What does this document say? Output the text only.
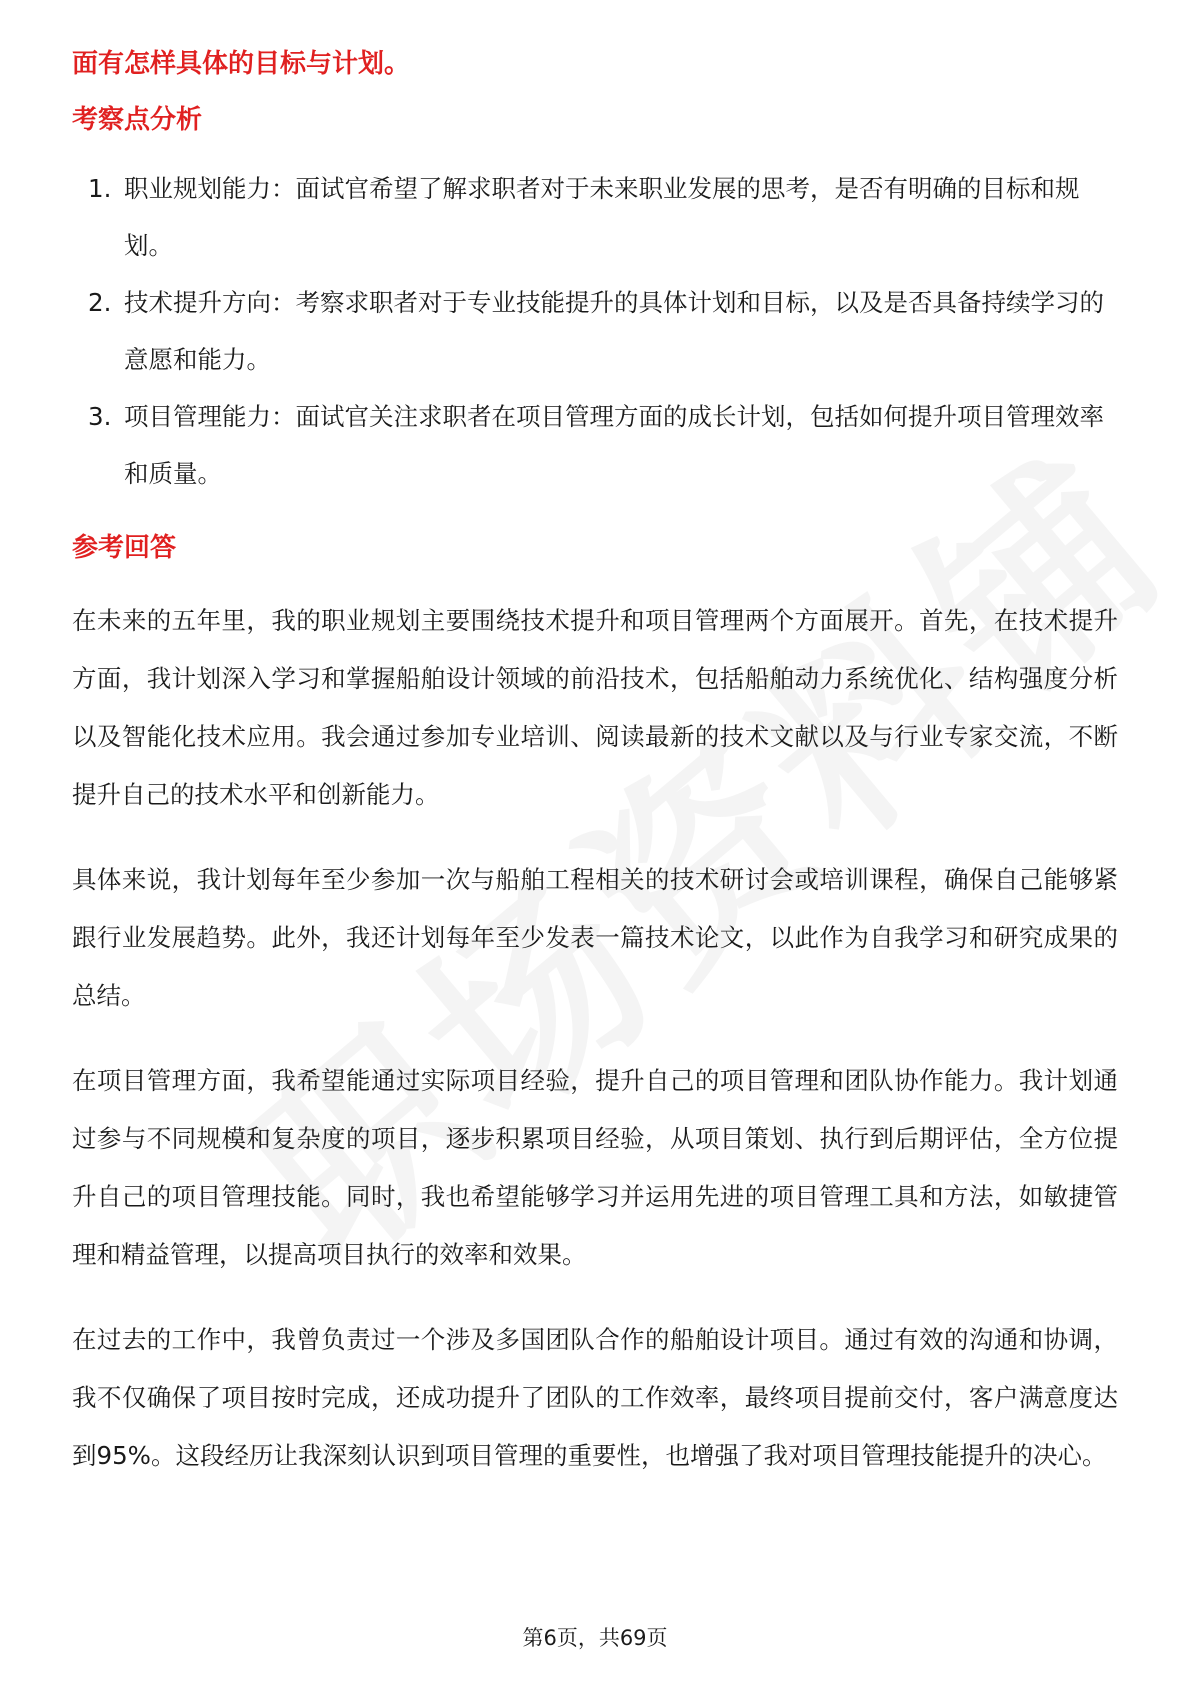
面有怎样具体的目标与计划。

考察点分析
1. 职业规划能力：面试官希望了解求职者对于未来职业发展的思考，是否有明确的目标和规划。
2. 技术提升方向：考察求职者对于专业技能提升的具体计划和目标，以及是否具备持续学习的意愿和能力。
3. 项目管理能力：面试官关注求职者在项目管理方面的成长计划，包括如何提升项目管理效率和质量。
参考回答

在未来的五年里，我的职业规划主要围绕技术提升和项目管理两个方面展开。首先，在技术提升方面，我计划深入学习和掌握船舶设计领域的前沿技术，包括船舶动力系统优化、结构强度分析以及智能化技术应用。我会通过参加专业培训、阅读最新的技术文献以及与行业专家交流，不断提升自己的技术水平和创新能力。

具体来说，我计划每年至少参加一次与船舶工程相关的技术研讨会或培训课程，确保自己能够紧跟行业发展趋势。此外，我还计划每年至少发表一篇技术论文，以此作为自我学习和研究成果的总结。

在项目管理方面，我希望能通过实际项目经验，提升自己的项目管理和团队协作能力。我计划通过参与不同规模和复杂度的项目，逐步积累项目经验，从项目策划、执行到后期评估，全方位提升自己的项目管理技能。同时，我也希望能够学习并运用先进的项目管理工具和方法，如敏捷管理和精益管理，以提高项目执行的效率和效果。

在过去的工作中，我曾负责过一个涉及多国团队合作的船舶设计项目。通过有效的沟通和协调，我不仅确保了项目按时完成，还成功提升了团队的工作效率，最终项目提前交付，客户满意度达到95%。这段经历让我深刻认识到项目管理的重要性，也增强了我对项目管理技能提升的决心。

第6页，共69页
